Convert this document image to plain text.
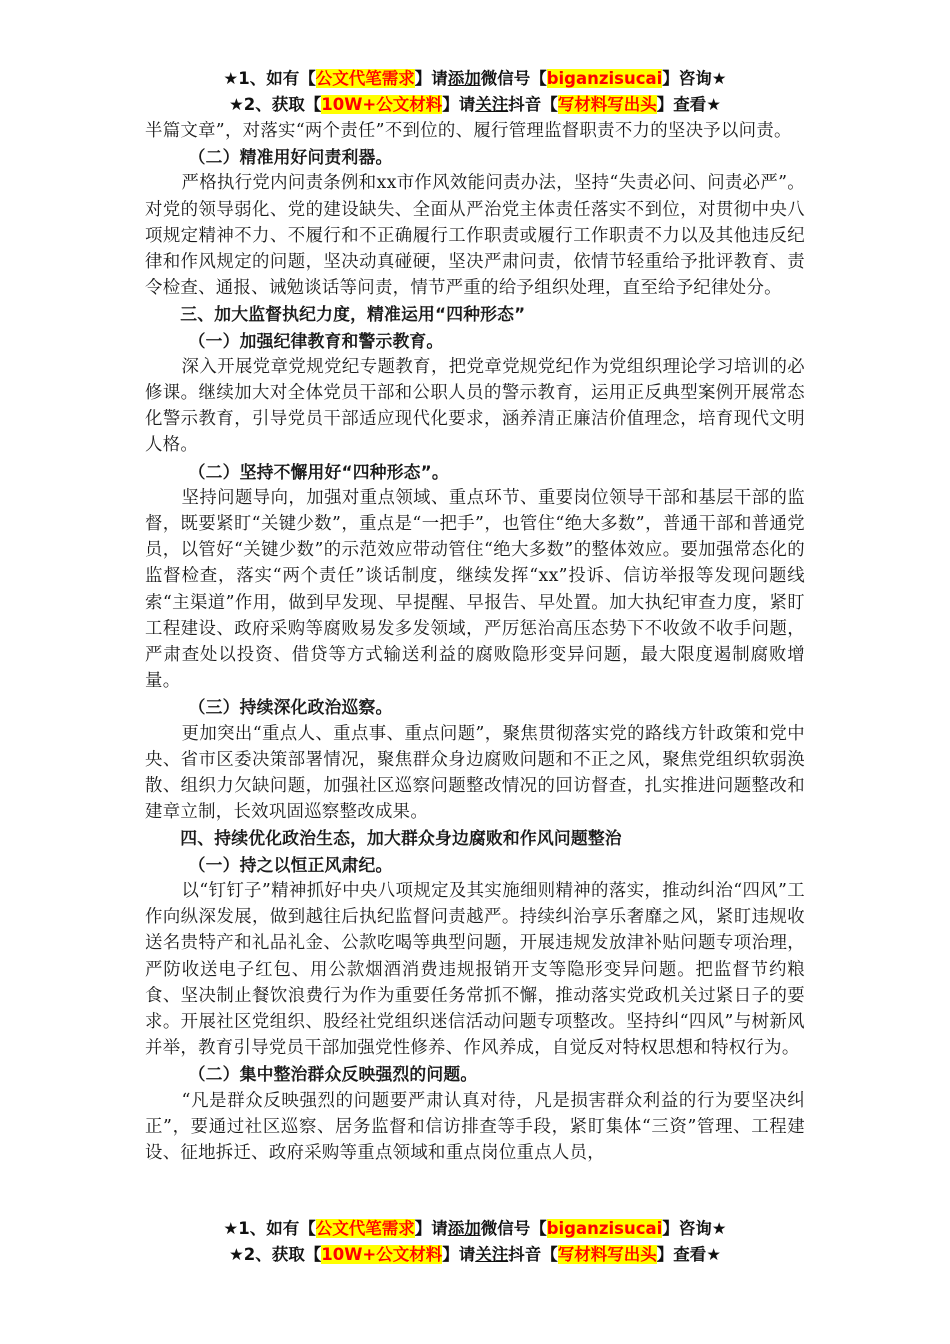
★1、如有【公文代笔需求】请添加微信号【biganzisucai】咨询★
★2、获取【10W+公文材料】请关注抖音【写材料写出头】查看★

半篇文章”，对落实“两个责任”不到位的、履行管理监督职责不力的坚决予以问责。

（二）精准用好问责利器。

严格执行党内问责条例和xx市作风效能问责办法，坚持“失责必问、问责必严”。对党的领导弱化、党的建设缺失、全面从严治党主体责任落实不到位，对贯彻中央八项规定精神不力、不履行和不正确履行工作职责或履行工作职责不力以及其他违反纪律和作风规定的问题，坚决动真碰硬，坚决严肃问责，依情节轻重给予批评教育、责令检查、通报、诫勉谈话等问责，情节严重的给予组织处理，直至给予纪律处分。

三、加大监督执纪力度，精准运用“四种形态”

（一）加强纪律教育和警示教育。

深入开展党章党规党纪专题教育，把党章党规党纪作为党组织理论学习培训的必修课。继续加大对全体党员干部和公职人员的警示教育，运用正反典型案例开展常态化警示教育，引导党员干部适应现代化要求，涵养清正廉洁价值理念，培育现代文明人格。

（二）坚持不懈用好“四种形态”。

坚持问题导向，加强对重点领域、重点环节、重要岗位领导干部和基层干部的监督，既要紧盯“关键少数”，重点是“一把手”，也管住“绝大多数”，普通干部和普通党员，以管好“关键少数”的示范效应带动管住“绝大多数”的整体效应。要加强常态化的监督检查，落实“两个责任”谈话制度，继续发挥“xx”投诉、信访举报等发现问题线索“主渠道”作用，做到早发现、早提醒、早报告、早处置。加大执纪审查力度，紧盯工程建设、政府采购等腐败易发多发领域，严厉惩治高压态势下不收敛不收手问题，严肃查处以投资、借贷等方式输送利益的腐败隐形变异问题，最大限度遏制腐败增量。

（三）持续深化政治巡察。

更加突出“重点人、重点事、重点问题”，聚焦贯彻落实党的路线方针政策和党中央、省市区委决策部署情况，聚焦群众身边腐败问题和不正之风，聚焦党组织软弱涣散、组织力欠缺问题，加强社区巡察问题整改情况的回访督查，扎实推进问题整改和建章立制，长效巩固巡察整改成果。

四、持续优化政治生态，加大群众身边腐败和作风问题整治

（一）持之以恒正风肃纪。

以“钉钉子”精神抓好中央八项规定及其实施细则精神的落实，推动纠治“四风”工作向纵深发展，做到越往后执纪监督问责越严。持续纠治享乐奢靡之风，紧盯违规收送名贵特产和礼品礼金、公款吃喝等典型问题，开展违规发放津补贴问题专项治理，严防收送电子红包、用公款烟酒消费违规报销开支等隐形变异问题。把监督节约粮食、坚决制止餐饮浪费行为作为重要任务常抓不懈，推动落实党政机关过紧日子的要求。开展社区党组织、股经社党组织迷信活动问题专项整改。坚持纠“四风”与树新风并举，教育引导党员干部加强党性修养、作风养成，自觉反对特权思想和特权行为。

（二）集中整治群众反映强烈的问题。

“凡是群众反映强烈的问题要严肃认真对待，凡是损害群众利益的行为要坚决纠正”，要通过社区巡察、居务监督和信访排查等手段，紧盯集体“三资”管理、工程建设、征地拆迁、政府采购等重点领域和重点岗位重点人员，

★1、如有【公文代笔需求】请添加微信号【biganzisucai】咨询★
★2、获取【10W+公文材料】请关注抖音【写材料写出头】查看★
